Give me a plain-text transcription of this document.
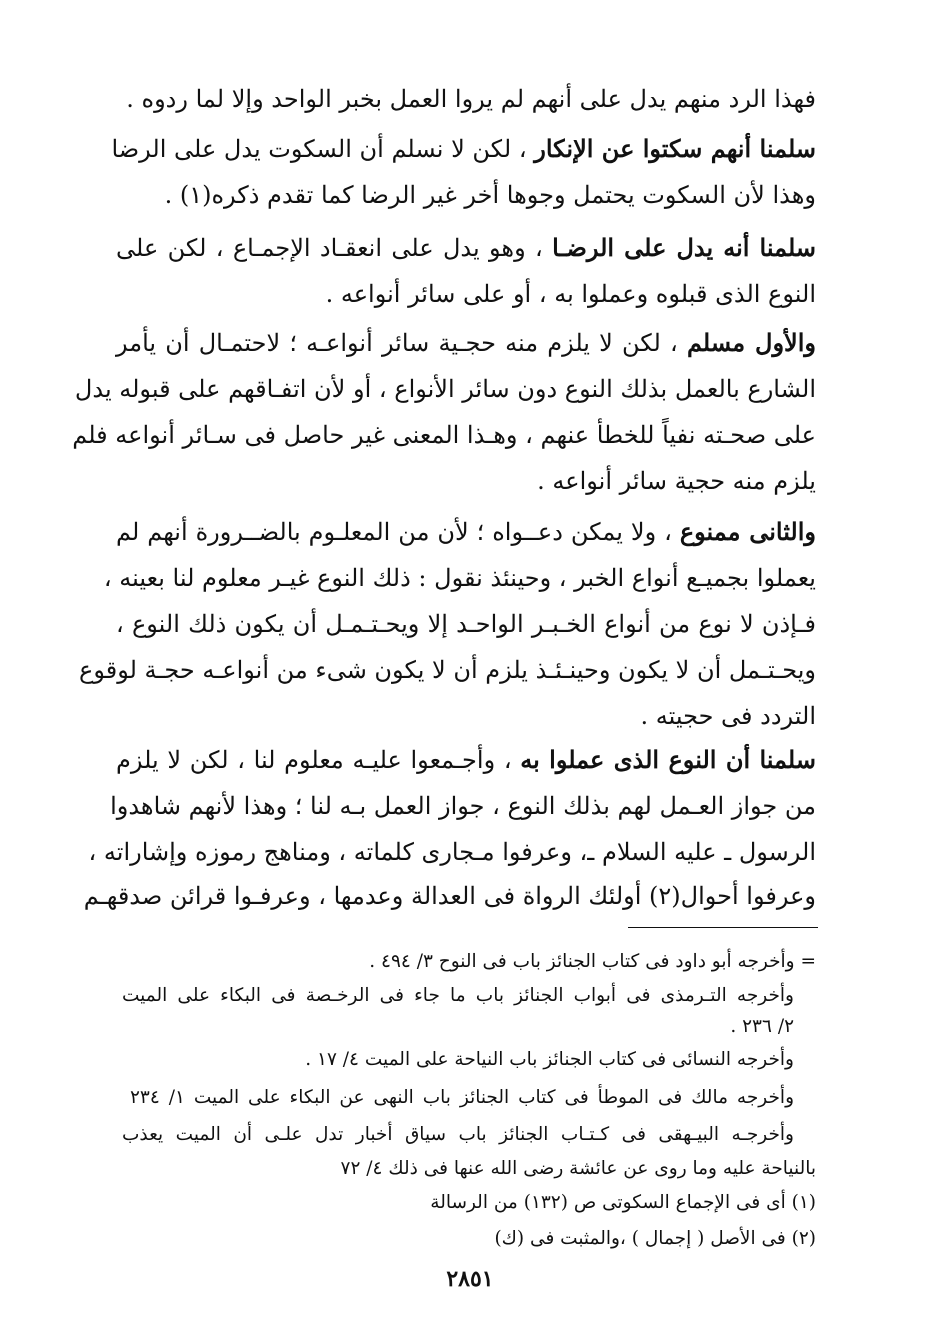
فهذا الرد منهم يدل على أنهم لم يروا العمل بخبر الواحد وإلا لما ردوه .
سلمنا أنهم سكتوا عن الإنكار ، لكن لا نسلم أن السكوت يدل على الرضا
وهذا لأن السكوت يحتمل وجوها أخر غير الرضا كما تقدم ذكره(١) .
سلمنا أنه يدل على الرضـا ، وهو يدل على انعقـاد الإجمـاع ، لكن على
النوع الذى قبلوه وعملوا به ، أو على سائر أنواعه .
والأول مسلم ، لكن لا يلزم منه حجـية سائر أنواعـه ؛ لاحتمـال أن يأمر
الشارع بالعمل بذلك النوع دون سائر الأنواع ، أو لأن اتفـاقهم على قبوله يدل
على صحـته نفياً للخطأ عنهم ، وهـذا المعنى غير حاصل فى سـائر أنواعه فلم
يلزم منه حجية سائر أنواعه .
والثانى ممنوع ، ولا يمكن دعــواه ؛ لأن من المعلـوم بالضــرورة أنهم لم
يعملوا بجميـع أنواع الخبر ، وحينئذ نقول : ذلك النوع غيـر معلوم لنا بعينه ،
فـإذن لا نوع من أنواع الخـبـر الواحـد إلا ويحـتـمـل أن يكون ذلك النوع ،
ويحـتـمل أن لا يكون وحينـئـذ يلزم أن لا يكون شىء من أنواعـه حجـة لوقوع
التردد فى حجيته .
سلمنا أن النوع الذى عملوا به ، وأجـمعوا عليـه معلوم لنا ، لكن لا يلزم
من جواز العـمل لهم بذلك النوع ، جواز العمل بـه لنا ؛ وهذا لأنهم شاهدوا
الرسول ـ عليه السلام ـ، وعرفوا مـجارى كلماته ، ومناهج رموزه وإشاراته ،
وعرفوا أحوال(٢) أولئك الرواة فى العدالة وعدمها ، وعرفـوا قرائن صدقهـم
= وأخرجه أبو داود فى كتاب الجنائز باب فى النوح ٣/ ٤٩٤ .
وأخرجه التـرمذى فى أبواب الجنائز باب ما جاء فى الرخـصة فى البكاء على الميت
٢/ ٢٣٦ .
وأخرجه النسائى فى كتاب الجنائز باب النياحة على الميت ٤/ ١٧ .
وأخرجه مالك فى الموطأ فى كتاب الجنائز باب النهى عن البكاء على الميت ١/ ٢٣٤
وأخرجـه البيـهقى فى كـتـاب الجنائز باب سياق أخبار تدل علـى أن الميت يعذب
بالنياحة عليه وما روى عن عائشة رضى الله عنها فى ذلك ٤/ ٧٢
(١) أى فى الإجماع السكوتى ص (١٣٢) من الرسالة
(٢) فى الأصل ( إجمال ) ،والمثبت فى (ك)
٢٨٥١
